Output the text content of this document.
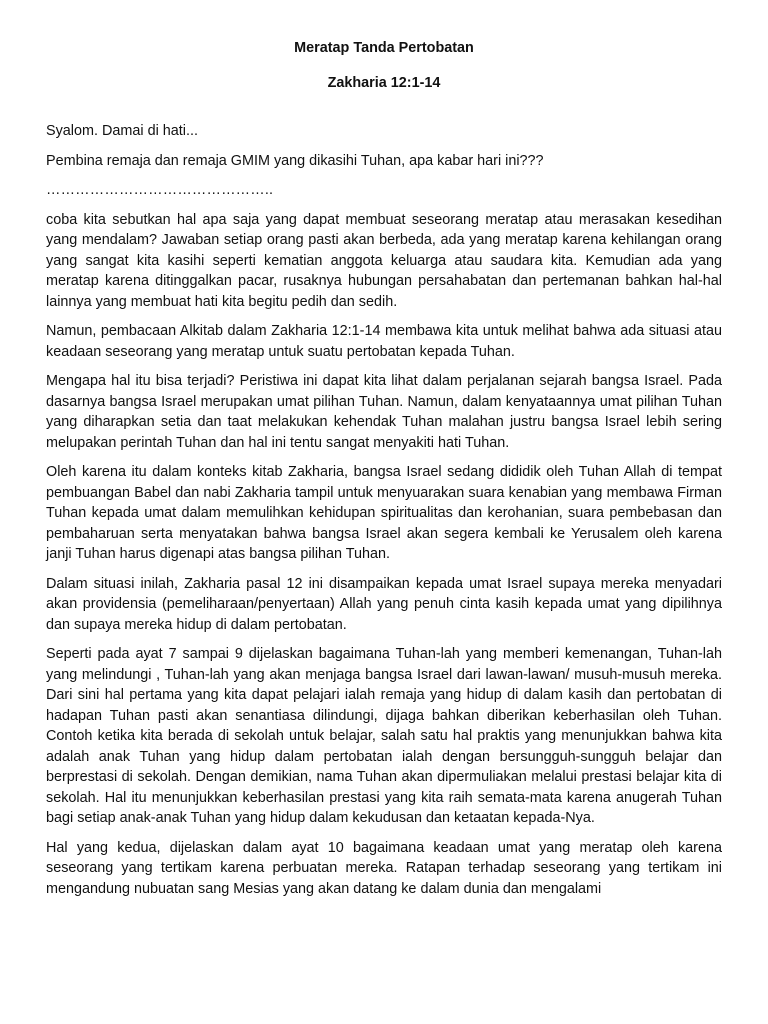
Meratap Tanda Pertobatan

Zakharia 12:1-14

Syalom. Damai di hati...

Pembina remaja dan remaja GMIM yang dikasihi Tuhan, apa kabar hari ini???

………………………………………..

coba kita sebutkan hal apa saja yang dapat membuat seseorang meratap atau merasakan kesedihan yang mendalam? Jawaban setiap orang pasti akan berbeda, ada yang meratap karena kehilangan orang yang sangat kita kasihi seperti kematian anggota keluarga atau saudara kita. Kemudian ada yang meratap karena ditinggalkan pacar, rusaknya hubungan persahabatan dan pertemanan bahkan hal-hal lainnya yang membuat hati kita begitu pedih dan sedih.

Namun, pembacaan Alkitab dalam Zakharia 12:1-14 membawa kita untuk melihat bahwa ada situasi atau keadaan seseorang yang meratap untuk suatu pertobatan kepada Tuhan.

Mengapa hal itu bisa terjadi? Peristiwa ini dapat kita lihat dalam perjalanan sejarah bangsa Israel. Pada dasarnya bangsa Israel merupakan umat pilihan Tuhan. Namun, dalam kenyataannya umat pilihan Tuhan yang diharapkan setia dan taat melakukan kehendak Tuhan malahan justru bangsa Israel lebih sering melupakan perintah Tuhan dan hal ini tentu sangat menyakiti hati Tuhan.

Oleh karena itu dalam konteks kitab Zakharia, bangsa Israel sedang dididik oleh Tuhan Allah di tempat pembuangan Babel dan nabi Zakharia tampil untuk menyuarakan suara kenabian yang membawa Firman Tuhan kepada umat dalam memulihkan kehidupan spiritualitas dan kerohanian, suara pembebasan dan pembaharuan serta menyatakan bahwa bangsa Israel akan segera kembali ke Yerusalem oleh karena janji Tuhan harus digenapi atas bangsa pilihan Tuhan.

Dalam situasi inilah, Zakharia pasal 12 ini disampaikan kepada umat Israel supaya mereka menyadari akan providensia (pemeliharaan/penyertaan) Allah yang penuh cinta kasih kepada umat yang dipilihnya dan supaya mereka hidup di dalam pertobatan.

Seperti pada ayat 7 sampai 9 dijelaskan bagaimana Tuhan-lah yang memberi kemenangan, Tuhan-lah yang melindungi , Tuhan-lah yang akan menjaga bangsa Israel dari lawan-lawan/ musuh-musuh mereka. Dari sini hal pertama yang kita dapat pelajari ialah remaja yang hidup di dalam kasih dan pertobatan di hadapan Tuhan pasti akan senantiasa dilindungi, dijaga bahkan diberikan keberhasilan oleh Tuhan. Contoh ketika kita berada di sekolah untuk belajar, salah satu hal praktis yang menunjukkan bahwa kita adalah anak Tuhan yang hidup dalam pertobatan ialah dengan bersungguh-sungguh belajar dan berprestasi di sekolah. Dengan demikian, nama Tuhan akan dipermuliakan melalui prestasi belajar kita di sekolah. Hal itu menunjukkan keberhasilan prestasi yang kita raih semata-mata karena anugerah Tuhan bagi setiap anak-anak Tuhan yang hidup dalam kekudusan dan ketaatan kepada-Nya.

Hal yang kedua, dijelaskan dalam ayat 10 bagaimana keadaan umat yang meratap oleh karena seseorang yang tertikam karena perbuatan mereka. Ratapan terhadap seseorang yang tertikam ini mengandung nubuatan sang Mesias yang akan datang ke dalam dunia dan mengalami
